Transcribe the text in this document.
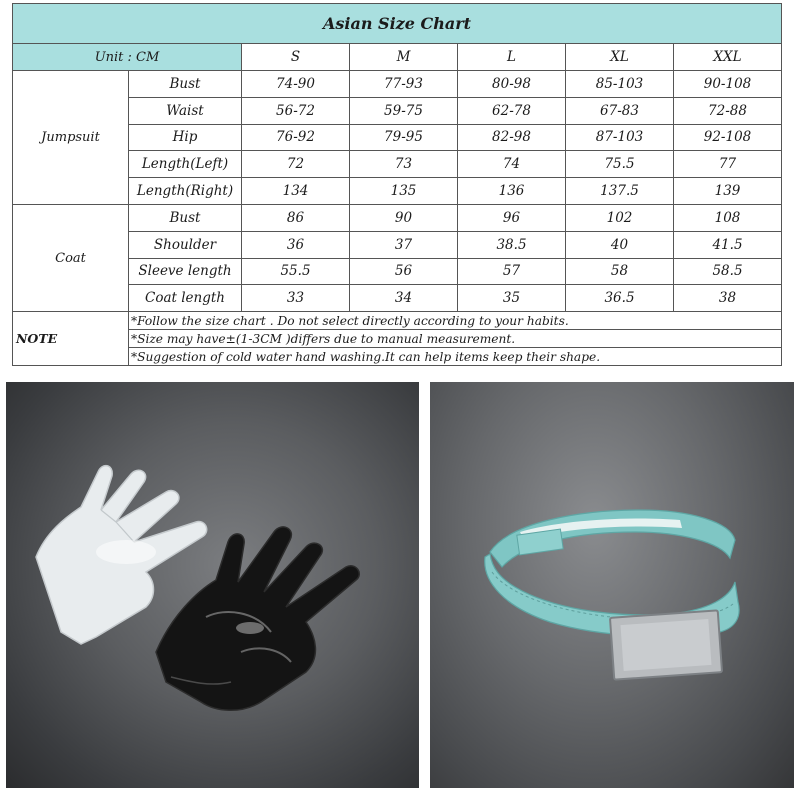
Asian Size Chart						
Unit : CM		S	M	L	XL	XXL
Jumpsuit	Bust	74-90	77-93	80-98	85-103	90-108
	Waist	56-72	59-75	62-78	67-83	72-88
	Hip	76-92	79-95	82-98	87-103	92-108
	Length(Left)	72	73	74	75.5	77
	Length(Right)	134	135	136	137.5	139
Coat	Bust	86	90	96	102	108
	Shoulder	36	37	38.5	40	41.5
	Sleeve length	55.5	56	57	58	58.5
	Coat length	33	34	35	36.5	38
NOTE	*Follow the size chart . Do not select directly according to your habits.					
	*Size may have±(1-3CM )differs due to manual measurement.					
	*Suggestion of cold water hand washing.It can help items keep their shape.					
